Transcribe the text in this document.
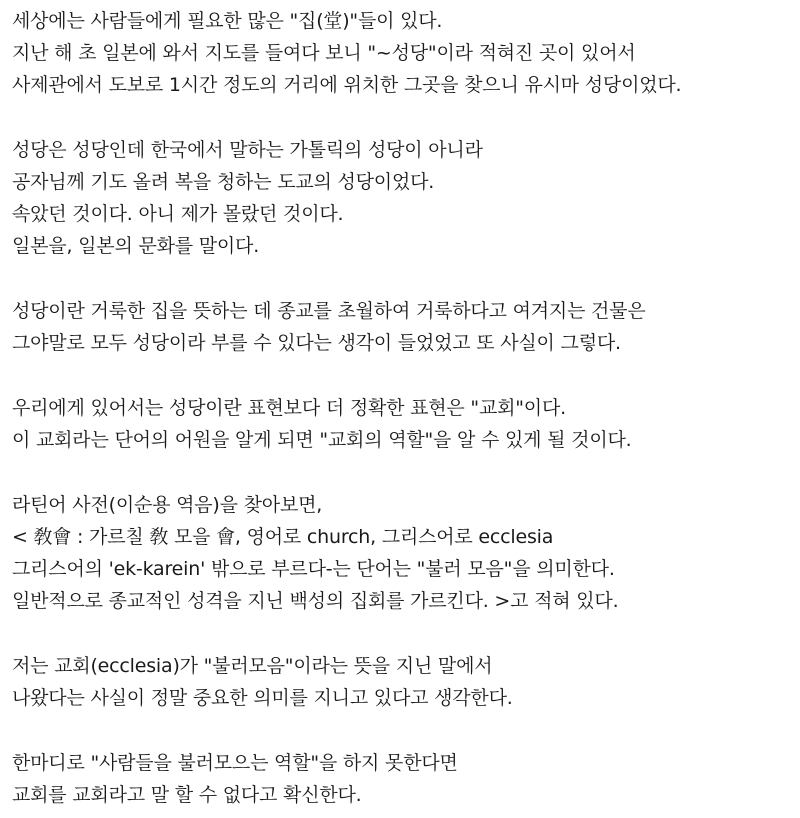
세상에는 사람들에게 필요한 많은 "집(堂)"들이 있다.
지난 해 초 일본에 와서 지도를 들여다 보니 "~성당"이라 적혀진 곳이 있어서
사제관에서 도보로 1시간 정도의 거리에 위치한 그곳을 찾으니 유시마 성당이었다.
성당은 성당인데 한국에서 말하는 가톨릭의 성당이 아니라
공자님께 기도 올려 복을 청하는 도교의 성당이었다.
속았던 것이다. 아니 제가 몰랐던 것이다.
일본을, 일본의 문화를 말이다.
성당이란 거룩한 집을 뜻하는 데 종교를 초월하여 거룩하다고 여겨지는 건물은
그야말로 모두 성당이라 부를 수 있다는 생각이 들었었고 또 사실이 그렇다.
우리에게 있어서는 성당이란 표현보다 더 정확한 표현은 "교회"이다.
이 교회라는 단어의 어원을 알게 되면 "교회의 역할"을 알 수 있게 될 것이다.
라틴어 사전(이순용 역음)을 찾아보면,
< 敎會 : 가르칠 敎 모을 會, 영어로 church, 그리스어로 ecclesia
그리스어의 'ek-karein' 밖으로 부르다-는 단어는 "불러 모음"을 의미한다.
일반적으로 종교적인 성격을 지닌 백성의 집회를 가르킨다. >고 적혀 있다.
저는 교회(ecclesia)가 "불러모음"이라는 뜻을 지닌 말에서
나왔다는 사실이 정말 중요한 의미를 지니고 있다고 생각한다.
한마디로 "사람들을 불러모으는 역할"을 하지 못한다면
교회를 교회라고 말 할 수 없다고 확신한다.
